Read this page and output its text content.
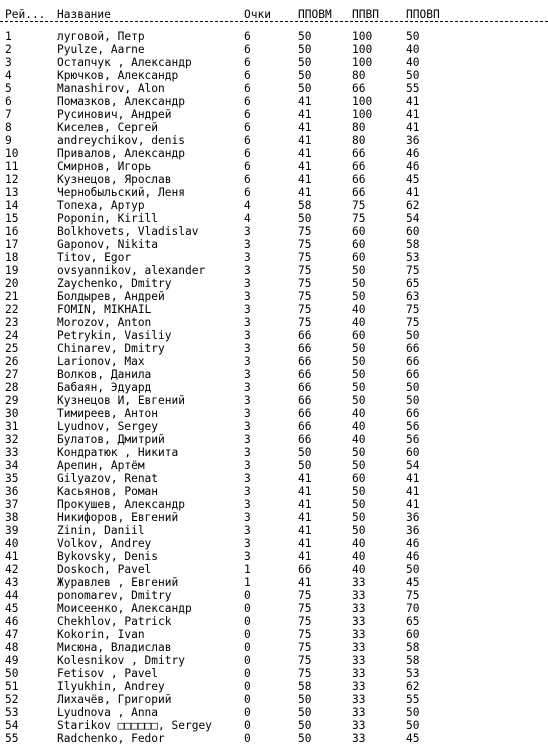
Рей...	Название	Очки	ППОВМ	ППВП	ППОВП
1	луговой, Петр	6	50	100	50
2	Pyulze, Aarne	6	50	100	40
3	Остапчук , Александр	6	50	100	40
4	Крючков, Александр	6	50	80	50
5	Manashirov, Alon	6	50	66	55
6	Помазков, Александр	6	41	100	41
7	Русинович, Андрей	6	41	100	41
8	Киселев, Сергей	6	41	80	41
9	andreychikov, denis	6	41	80	36
10	Привалов, Александр	6	41	66	46
11	Смирнов, Игорь	6	41	66	46
12	Кузнецов, Ярослав	6	41	66	45
13	Чернобыльский, Леня	6	41	66	41
14	Топеха, Артур	4	58	75	62
15	Poponin, Kirill	4	50	75	54
16	Bolkhovets, Vladislav	3	75	60	60
17	Gaponov, Nikita	3	75	60	58
18	Titov, Egor	3	75	60	53
19	ovsyannikov, alexander	3	75	50	75
20	Zaychenko, Dmitry	3	75	50	65
21	Болдырев, Андрей	3	75	50	63
22	FOMIN, MIKHAIL	3	75	40	75
23	Morozov, Anton	3	75	40	75
24	Petrykin, Vasiliy	3	66	60	50
25	Chinarev, Dmitry	3	66	50	66
26	Larionov, Max	3	66	50	66
27	Волков, Данила	3	66	50	66
28	Бабаян, Эдуард	3	66	50	50
29	Кузнецов И, Евгений	3	66	50	50
30	Тимиреев, Антон	3	66	40	66
31	Lyudnov, Sergey	3	66	40	56
32	Булатов, Дмитрий	3	66	40	56
33	Кондратюк , Никита	3	50	50	60
34	Арепин, Артём	3	50	50	54
35	Gilyazov, Renat	3	41	60	41
36	Касьянов, Роман	3	41	50	41
37	Прокушев, Александр	3	41	50	41
38	Никифоров, Евгений	3	41	50	36
39	Zinin, Daniil	3	41	50	36
40	Volkov, Andrey	3	41	40	46
41	Bykovsky, Denis	3	41	40	46
42	Doskoch, Pavel	1	66	40	50
43	Журавлев , Евгений	1	41	33	45
44	ponomarev, Dmitry	0	75	33	75
45	Моисеенко, Александр	0	75	33	70
46	Chekhlov, Patrick	0	75	33	65
47	Kokorin, Ivan	0	75	33	60
48	Мисюна, Владислав	0	75	33	58
49	Kolesnikov , Dmitry	0	75	33	58
50	Fetisov , Pavel	0	75	33	53
51	Ilyukhin, Andrey	0	58	33	62
52	Лихачёв, Григорий	0	50	33	55
53	Lyudnova , Anna	0	50	33	50
54	Starikov □□□□□□, Sergey	0	50	33	50
55	Radchenko, Fedor	0	50	33	45
